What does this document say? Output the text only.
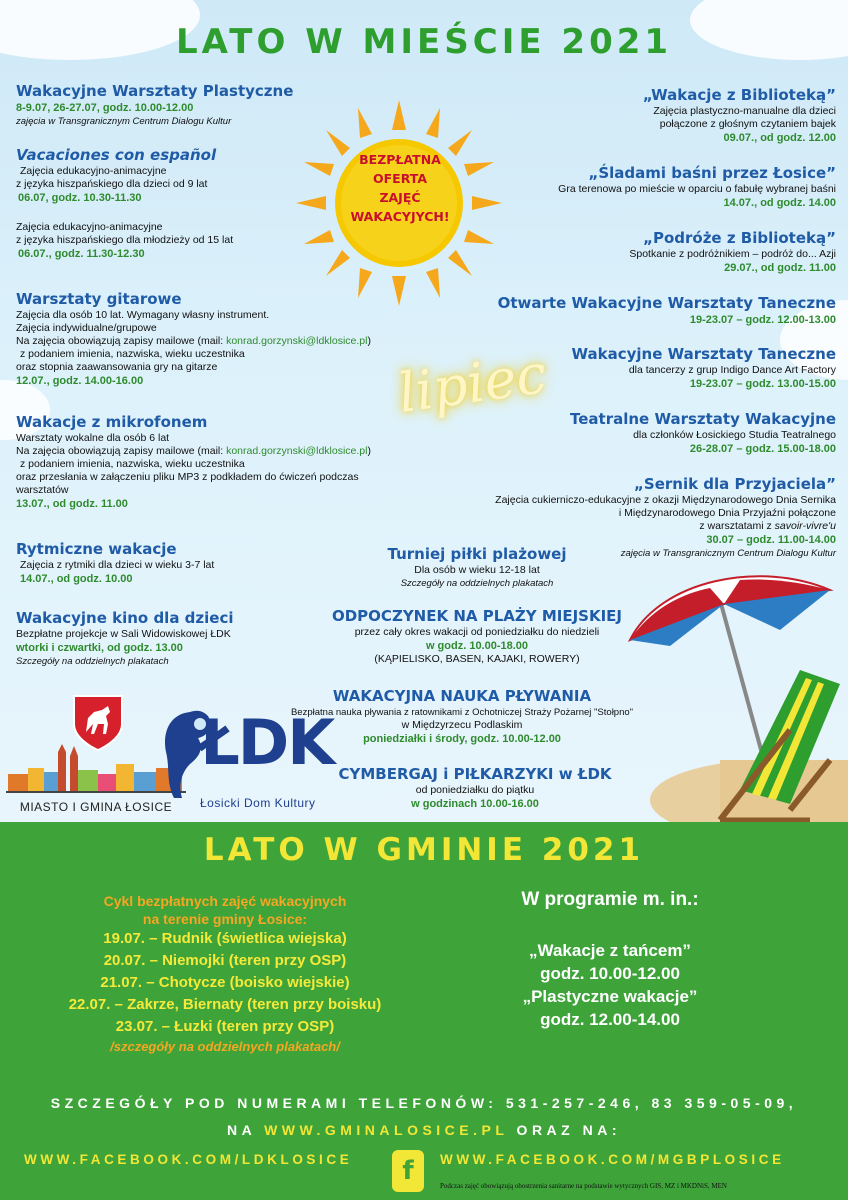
LATO W MIEŚCIE 2021
BEZPŁATNA
OFERTA
ZAJĘĆ
WAKACYJYCH!
lipiec
Wakacyjne Warsztaty Plastyczne
8-9.07, 26-27.07, godz. 10.00-12.00
zajęcia w Transgranicznym Centrum Dialogu Kultur
Vacaciones con español
Zajęcia edukacyjno-animacyjne
z języka hiszpańskiego dla dzieci od 9 lat
06.07, godz. 10.30-11.30
Zajęcia edukacyjno-animacyjne
z języka hiszpańskiego dla młodzieży od 15 lat
06.07., godz. 11.30-12.30
Warsztaty gitarowe
Zajęcia dla osób 10 lat. Wymagany własny instrument.
Zajęcia indywidualne/grupowe
Na zajęcia obowiązują zapisy mailowe (mail: konrad.gorzynski@ldklosice.pl)
z podaniem imienia, nazwiska, wieku uczestnika
oraz stopnia zaawansowania gry na gitarze
12.07., godz. 14.00-16.00
Wakacje z mikrofonem
Warsztaty wokalne dla osób 6 lat
Na zajęcia obowiązują zapisy mailowe (mail: konrad.gorzynski@ldklosice.pl)
z podaniem imienia, nazwiska, wieku uczestnika
oraz przesłania w załączeniu pliku MP3 z podkładem do ćwiczeń podczas
warsztatów
13.07., od godz. 11.00
Rytmiczne wakacje
Zajęcia z rytmiki dla dzieci w wieku 3-7 lat
14.07., od godz. 10.00
Wakacyjne kino dla dzieci
Bezpłatne projekcje w Sali Widowiskowej ŁDK
wtorki i czwartki, od godz. 13.00
Szczegóły na oddzielnych plakatach
„Wakacje z Biblioteką”
Zajęcia plastyczno-manualne dla dzieci
połączone z głośnym czytaniem bajek
09.07., od godz. 12.00
„Śladami baśni przez Łosice”
Gra terenowa po mieście w oparciu o fabułę wybranej baśni
14.07., od godz. 14.00
„Podróże z Biblioteką”
Spotkanie z podróżnikiem – podróż do... Azji
29.07., od godz. 11.00
Otwarte Wakacyjne Warsztaty Taneczne
19-23.07 – godz. 12.00-13.00
Wakacyjne Warsztaty Taneczne
dla tancerzy z grup Indigo Dance Art Factory
19-23.07 – godz. 13.00-15.00
Teatralne Warsztaty Wakacyjne
dla członków Łosickiego Studia Teatralnego
26-28.07 – godz. 15.00-18.00
„Sernik dla Przyjaciela”
Zajęcia cukierniczo-edukacyjne z okazji Międzynarodowego Dnia Sernika
i Międzynarodowego Dnia Przyjaźni połączone
z warsztatami z savoir-vivre'u
30.07 – godz. 11.00-14.00
zajęcia w Transgranicznym Centrum Dialogu Kultur
Turniej piłki plażowej
Dla osób w wieku 12-18 lat
Szczegóły na oddzielnych plakatach
ODPOCZYNEK NA PLAŻY MIEJSKIEJ
przez cały okres wakacji od poniedziałku do niedzieli
w godz. 10.00-18.00
(KĄPIELISKO, BASEN, KAJAKI, ROWERY)
WAKACYJNA NAUKA PŁYWANIA
Bezpłatna nauka pływania z ratownikami z Ochotniczej Straży Pożarnej "Stołpno"
w Międzyrzecu Podlaskim
poniedziałki i środy, godz. 10.00-12.00
CYMBERGAJ i PIŁKARZYKI w ŁDK
od poniedziałku do piątku
w godzinach 10.00-16.00
MIASTO I GMINA ŁOSICE
ŁDK
Łosicki Dom Kultury
LATO W GMINIE 2021
Cykl bezpłatnych zajęć wakacyjnych
na terenie gminy Łosice:
19.07. – Rudnik (świetlica wiejska)
20.07. – Niemojki (teren przy OSP)
21.07. – Chotycze (boisko wiejskie)
22.07. – Zakrze, Biernaty (teren przy boisku)
23.07. – Łuzki (teren przy OSP)
/szczegóły na oddzielnych plakatach/
W programie m. in.:
„Wakacje z tańcem”
godz. 10.00-12.00
„Plastyczne wakacje”
godz. 12.00-14.00
SZCZEGÓŁY POD NUMERAMI TELEFONÓW: 531-257-246, 83 359-05-09,
NA WWW.GMINALOSICE.PL ORAZ NA:
WWW.FACEBOOK.COM/LDKLOSICE	f	WWW.FACEBOOK.COM/MGBPLOSICE
Podczas zajęć obowiązują obostrzenia sanitarne na podstawie wytycznych GIS, MZ i MKDNiS, MEN
